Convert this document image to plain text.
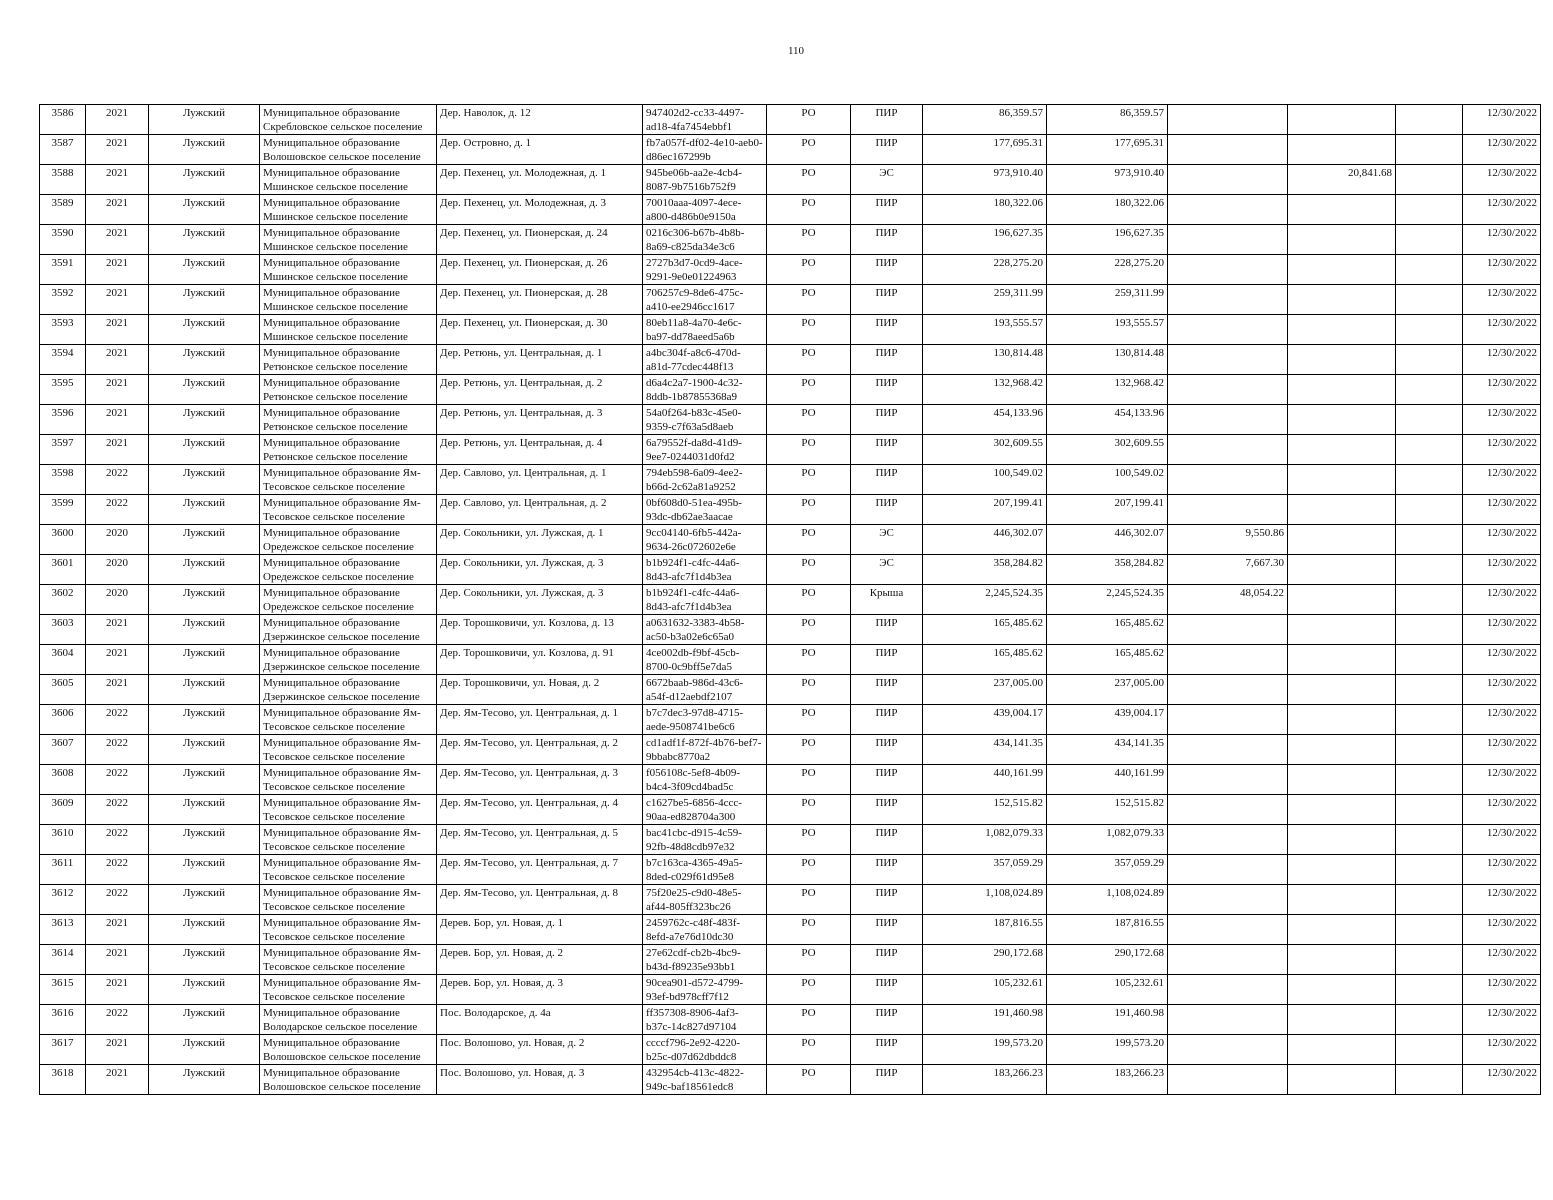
110
3586	2021	Лужский	Муниципальное образование Скребловское сельское поселение	Дер. Наволок, д. 12	947402d2-cc33-4497-ad18-4fa7454ebbf1	РО	ПИР	86,359.57	86,359.57				12/30/2022

3587	2021	Лужский	Муниципальное образование Волошовское сельское поселение	Дер. Островно, д. 1	fb7a057f-df02-4e10-aeb0-d86ec167299b	РО	ПИР	177,695.31	177,695.31				12/30/2022

3588	2021	Лужский	Муниципальное образование Мшинское сельское поселение	Дер. Пехенец, ул. Молодежная, д. 1	945be06b-aa2e-4cb4-8087-9b7516b752f9	РО	ЭС	973,910.40	973,910.40		20,841.68		12/30/2022

3589	2021	Лужский	Муниципальное образование Мшинское сельское поселение	Дер. Пехенец, ул. Молодежная, д. 3	70010aaa-4097-4ece-a800-d486b0e9150a	РО	ПИР	180,322.06	180,322.06				12/30/2022

3590	2021	Лужский	Муниципальное образование Мшинское сельское поселение	Дер. Пехенец, ул. Пионерская, д. 24	0216c306-b67b-4b8b-8a69-c825da34e3c6	РО	ПИР	196,627.35	196,627.35				12/30/2022

3591	2021	Лужский	Муниципальное образование Мшинское сельское поселение	Дер. Пехенец, ул. Пионерская, д. 26	2727b3d7-0cd9-4ace-9291-9e0e01224963	РО	ПИР	228,275.20	228,275.20				12/30/2022

3592	2021	Лужский	Муниципальное образование Мшинское сельское поселение	Дер. Пехенец, ул. Пионерская, д. 28	706257c9-8de6-475c-a410-ee2946cc1617	РО	ПИР	259,311.99	259,311.99				12/30/2022

3593	2021	Лужский	Муниципальное образование Мшинское сельское поселение	Дер. Пехенец, ул. Пионерская, д. 30	80eb11a8-4a70-4e6c-ba97-dd78aeed5a6b	РО	ПИР	193,555.57	193,555.57				12/30/2022

3594	2021	Лужский	Муниципальное образование Ретюнское сельское поселение	Дер. Ретюнь, ул. Центральная, д. 1	a4bc304f-a8c6-470d-a81d-77cdec448f13	РО	ПИР	130,814.48	130,814.48				12/30/2022

3595	2021	Лужский	Муниципальное образование Ретюнское сельское поселение	Дер. Ретюнь, ул. Центральная, д. 2	d6a4c2a7-1900-4c32-8ddb-1b87855368a9	РО	ПИР	132,968.42	132,968.42				12/30/2022

3596	2021	Лужский	Муниципальное образование Ретюнское сельское поселение	Дер. Ретюнь, ул. Центральная, д. 3	54a0f264-b83c-45e0-9359-c7f63a5d8aeb	РО	ПИР	454,133.96	454,133.96				12/30/2022

3597	2021	Лужский	Муниципальное образование Ретюнское сельское поселение	Дер. Ретюнь, ул. Центральная, д. 4	6a79552f-da8d-41d9-9ee7-0244031d0fd2	РО	ПИР	302,609.55	302,609.55				12/30/2022

3598	2022	Лужский	Муниципальное образование Ям-Тесовское сельское поселение	Дер. Савлово, ул. Центральная, д. 1	794eb598-6a09-4ee2-b66d-2c62a81a9252	РО	ПИР	100,549.02	100,549.02				12/30/2022

3599	2022	Лужский	Муниципальное образование Ям-Тесовское сельское поселение	Дер. Савлово, ул. Центральная, д. 2	0bf608d0-51ea-495b-93dc-db62ae3aacae	РО	ПИР	207,199.41	207,199.41				12/30/2022

3600	2020	Лужский	Муниципальное образование Оредежское сельское поселение	Дер. Сокольники, ул. Лужская, д. 1	9cc04140-6fb5-442a-9634-26c072602e6e	РО	ЭС	446,302.07	446,302.07	9,550.86			12/30/2022

3601	2020	Лужский	Муниципальное образование Оредежское сельское поселение	Дер. Сокольники, ул. Лужская, д. 3	b1b924f1-c4fc-44a6-8d43-afc7f1d4b3ea	РО	ЭС	358,284.82	358,284.82	7,667.30			12/30/2022

3602	2020	Лужский	Муниципальное образование Оредежское сельское поселение	Дер. Сокольники, ул. Лужская, д. 3	b1b924f1-c4fc-44a6-8d43-afc7f1d4b3ea	РО	Крыша	2,245,524.35	2,245,524.35	48,054.22			12/30/2022

3603	2021	Лужский	Муниципальное образование Дзержинское сельское поселение	Дер. Торошковичи, ул. Козлова, д. 13	a0631632-3383-4b58-ac50-b3a02e6c65a0	РО	ПИР	165,485.62	165,485.62				12/30/2022

3604	2021	Лужский	Муниципальное образование Дзержинское сельское поселение	Дер. Торошковичи, ул. Козлова, д. 91	4ce002db-f9bf-45cb-8700-0c9bff5e7da5	РО	ПИР	165,485.62	165,485.62				12/30/2022

3605	2021	Лужский	Муниципальное образование Дзержинское сельское поселение	Дер. Торошковичи, ул. Новая, д. 2	6672baab-986d-43c6-a54f-d12aebdf2107	РО	ПИР	237,005.00	237,005.00				12/30/2022

3606	2022	Лужский	Муниципальное образование Ям-Тесовское сельское поселение	Дер. Ям-Тесово, ул. Центральная, д. 1	b7c7dec3-97d8-4715-aede-9508741be6c6	РО	ПИР	439,004.17	439,004.17				12/30/2022

3607	2022	Лужский	Муниципальное образование Ям-Тесовское сельское поселение	Дер. Ям-Тесово, ул. Центральная, д. 2	cd1adf1f-872f-4b76-bef7-9bbabc8770a2	РО	ПИР	434,141.35	434,141.35				12/30/2022

3608	2022	Лужский	Муниципальное образование Ям-Тесовское сельское поселение	Дер. Ям-Тесово, ул. Центральная, д. 3	f056108c-5ef8-4b09-b4c4-3f09cd4bad5c	РО	ПИР	440,161.99	440,161.99				12/30/2022

3609	2022	Лужский	Муниципальное образование Ям-Тесовское сельское поселение	Дер. Ям-Тесово, ул. Центральная, д. 4	c1627be5-6856-4ccc-90aa-ed828704a300	РО	ПИР	152,515.82	152,515.82				12/30/2022

3610	2022	Лужский	Муниципальное образование Ям-Тесовское сельское поселение	Дер. Ям-Тесово, ул. Центральная, д. 5	bac41cbc-d915-4c59-92fb-48d8cdb97e32	РО	ПИР	1,082,079.33	1,082,079.33				12/30/2022

3611	2022	Лужский	Муниципальное образование Ям-Тесовское сельское поселение	Дер. Ям-Тесово, ул. Центральная, д. 7	b7c163ca-4365-49a5-8ded-c029f61d95e8	РО	ПИР	357,059.29	357,059.29				12/30/2022

3612	2022	Лужский	Муниципальное образование Ям-Тесовское сельское поселение	Дер. Ям-Тесово, ул. Центральная, д. 8	75f20e25-c9d0-48e5-af44-805ff323bc26	РО	ПИР	1,108,024.89	1,108,024.89				12/30/2022

3613	2021	Лужский	Муниципальное образование Ям-Тесовское сельское поселение	Дерев. Бор, ул. Новая, д. 1	2459762c-c48f-483f-8efd-a7e76d10dc30	РО	ПИР	187,816.55	187,816.55				12/30/2022

3614	2021	Лужский	Муниципальное образование Ям-Тесовское сельское поселение	Дерев. Бор, ул. Новая, д. 2	27e62cdf-cb2b-4bc9-b43d-f89235e93bb1	РО	ПИР	290,172.68	290,172.68				12/30/2022

3615	2021	Лужский	Муниципальное образование Ям-Тесовское сельское поселение	Дерев. Бор, ул. Новая, д. 3	90cea901-d572-4799-93ef-bd978cff7f12	РО	ПИР	105,232.61	105,232.61				12/30/2022

3616	2022	Лужский	Муниципальное образование Володарское сельское поселение	Пос. Володарское, д. 4а	ff357308-8906-4af3-b37c-14c827d97104	РО	ПИР	191,460.98	191,460.98				12/30/2022

3617	2021	Лужский	Муниципальное образование Волошовское сельское поселение	Пос. Волошово, ул. Новая, д. 2	ccccf796-2e92-4220-b25c-d07d62dbddc8	РО	ПИР	199,573.20	199,573.20				12/30/2022

3618	2021	Лужский	Муниципальное образование Волошовское сельское поселение	Пос. Волошово, ул. Новая, д. 3	432954cb-413c-4822-949c-baf18561edc8	РО	ПИР	183,266.23	183,266.23				12/30/2022
